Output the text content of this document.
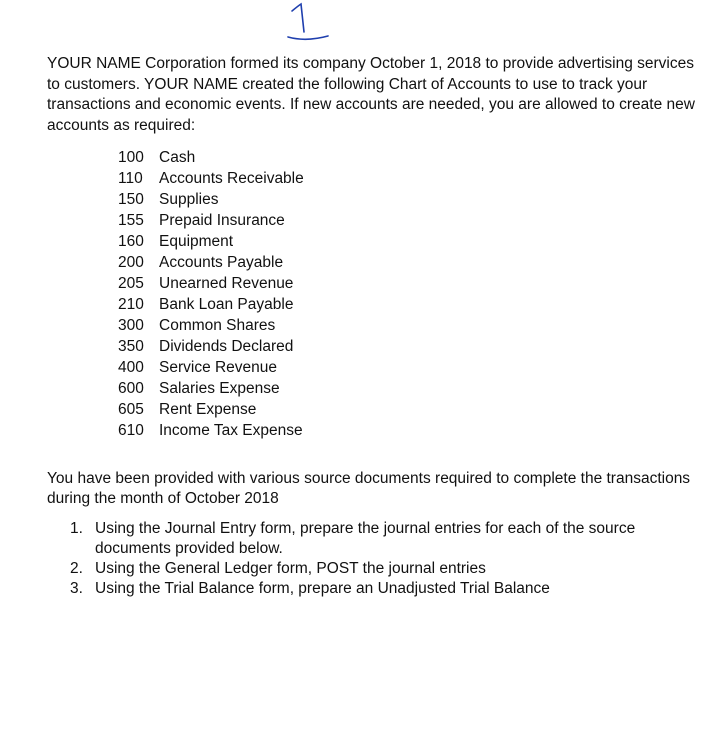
YOUR NAME Corporation formed its company October 1, 2018 to provide advertising services to customers. YOUR NAME created the following Chart of Accounts to use to track your transactions and economic events. If new accounts are needed, you are allowed to create new accounts as required:

100 Cash
110	Accounts Receivable
150 Supplies
155 Prepaid Insurance
160 Equipment
200 Accounts Payable
205 Unearned Revenue
210 Bank Loan Payable
300 Common Shares
350 Dividends Declared
400 Service Revenue
600 Salaries Expense
605 Rent Expense
610 Income Tax Expense

You have been provided with various source documents required to complete the transactions during the month of October 2018

1. Using the Journal Entry form, prepare the journal entries for each of the source documents provided below.
2. Using the General Ledger form, POST the journal entries
3. Using the Trial Balance form, prepare an Unadjusted Trial Balance
